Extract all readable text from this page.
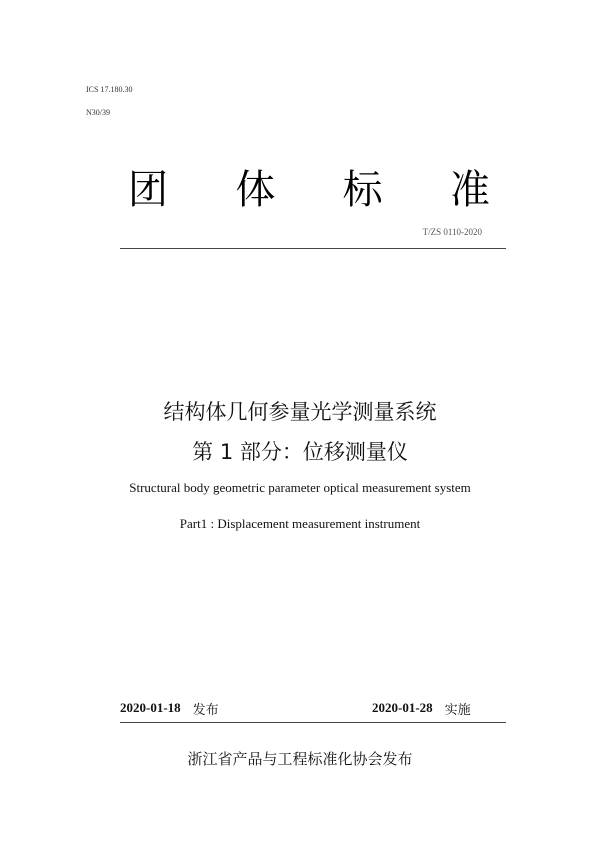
ICS 17.180.30
N30/39
团 体 标 准
T/ZS 0110-2020
结构体几何参量光学测量系统
第 1 部分：位移测量仪
Structural body geometric parameter optical measurement system
Part1 : Displacement measurement instrument
2020-01-18 发布	2020-01-28 实施
浙江省产品与工程标准化协会发布
